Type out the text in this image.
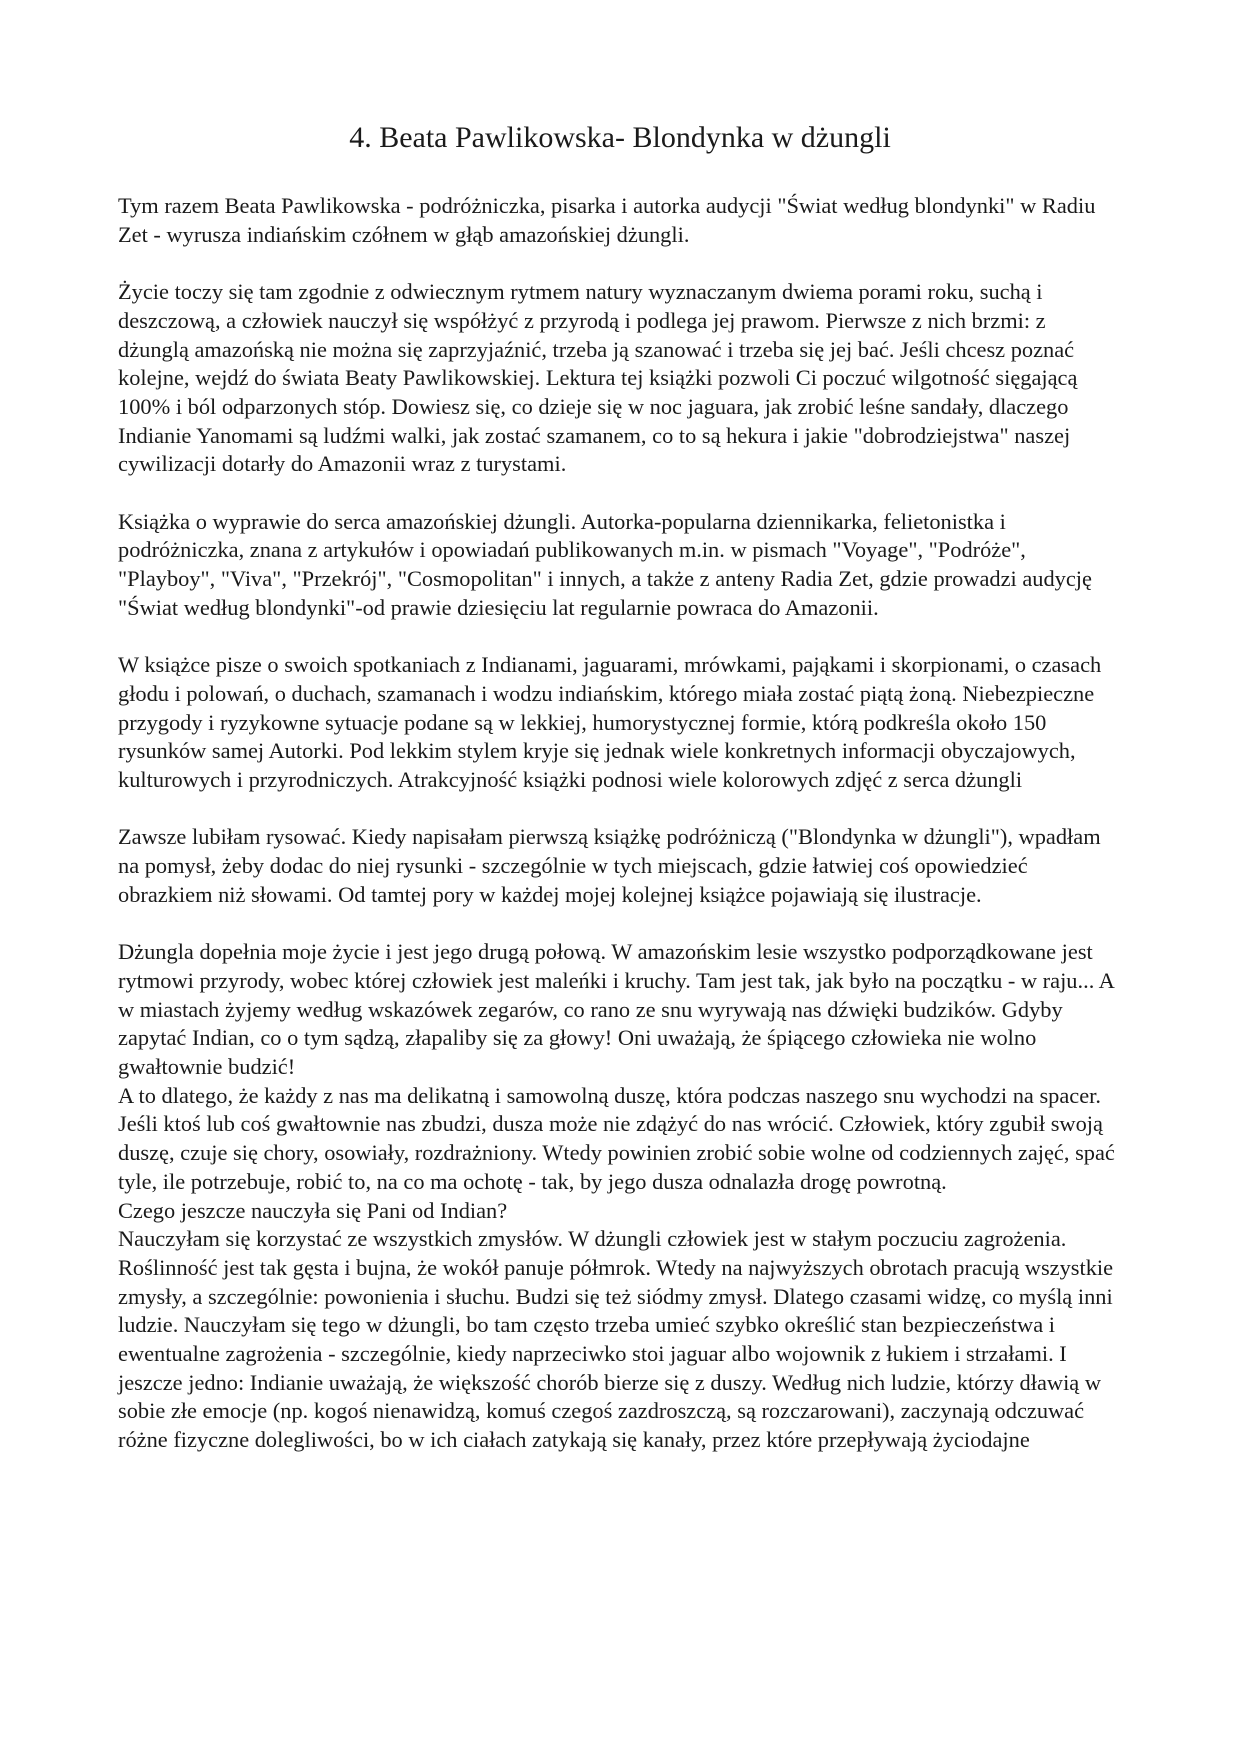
4. Beata Pawlikowska- Blondynka w dżungli

Tym razem Beata Pawlikowska - podróżniczka, pisarka i autorka audycji "Świat według blondynki" w Radiu Zet - wyrusza indiańskim czółnem w głąb amazońskiej dżungli.

Życie toczy się tam zgodnie z odwiecznym rytmem natury wyznaczanym dwiema porami roku, suchą i deszczową, a człowiek nauczył się współżyć z przyrodą i podlega jej prawom. Pierwsze z nich brzmi: z dżunglą amazońską nie można się zaprzyjaźnić, trzeba ją szanować i trzeba się jej bać. Jeśli chcesz poznać kolejne, wejdź do świata Beaty Pawlikowskiej. Lektura tej książki pozwoli Ci poczuć wilgotność sięgającą 100% i ból odparzonych stóp. Dowiesz się, co dzieje się w noc jaguara, jak zrobić leśne sandały, dlaczego Indianie Yanomami są ludźmi walki, jak zostać szamanem, co to są hekura i jakie "dobrodziejstwa" naszej cywilizacji dotarły do Amazonii wraz z turystami.

Książka o wyprawie do serca amazońskiej dżungli. Autorka-popularna dziennikarka, felietonistka i podróżniczka, znana z artykułów i opowiadań publikowanych m.in. w pismach "Voyage", "Podróże", "Playboy", "Viva", "Przekrój", "Cosmopolitan" i innych, a także z anteny Radia Zet, gdzie prowadzi audycję "Świat według blondynki"-od prawie dziesięciu lat regularnie powraca do Amazonii.

W książce pisze o swoich spotkaniach z Indianami, jaguarami, mrówkami, pająkami i skorpionami, o czasach głodu i polowań, o duchach, szamanach i wodzu indiańskim, którego miała zostać piątą żoną. Niebezpieczne przygody i ryzykowne sytuacje podane są w lekkiej, humorystycznej formie, którą podkreśla około 150 rysunków samej Autorki. Pod lekkim stylem kryje się jednak wiele konkretnych informacji obyczajowych, kulturowych i przyrodniczych. Atrakcyjność książki podnosi wiele kolorowych zdjęć z serca dżungli

Zawsze lubiłam rysować. Kiedy napisałam pierwszą książkę podróżniczą ("Blondynka w dżungli"), wpadłam na pomysł, żeby dodac do niej rysunki - szczególnie w tych miejscach, gdzie łatwiej coś opowiedzieć obrazkiem niż słowami. Od tamtej pory w każdej mojej kolejnej książce pojawiają się ilustracje.

Dżungla dopełnia moje życie i jest jego drugą połową. W amazońskim lesie wszystko podporządkowane jest rytmowi przyrody, wobec której człowiek jest maleńki i kruchy. Tam jest tak, jak było na początku - w raju... A w miastach żyjemy według wskazówek zegarów, co rano ze snu wyrywają nas dźwięki budzików. Gdyby zapytać Indian, co o tym sądzą, złapaliby się za głowy! Oni uważają, że śpiącego człowieka nie wolno gwałtownie budzić!

A to dlatego, że każdy z nas ma delikatną i samowolną duszę, która podczas naszego snu wychodzi na spacer. Jeśli ktoś lub coś gwałtownie nas zbudzi, dusza może nie zdążyć do nas wrócić. Człowiek, który zgubił swoją duszę, czuje się chory, osowiały, rozdrażniony. Wtedy powinien zrobić sobie wolne od codziennych zajęć, spać tyle, ile potrzebuje, robić to, na co ma ochotę - tak, by jego dusza odnalazła drogę powrotną.

Czego jeszcze nauczyła się Pani od Indian?

Nauczyłam się korzystać ze wszystkich zmysłów. W dżungli człowiek jest w stałym poczuciu zagrożenia. Roślinność jest tak gęsta i bujna, że wokół panuje półmrok. Wtedy na najwyższych obrotach pracują wszystkie zmysły, a szczególnie: powonienia i słuchu. Budzi się też siódmy zmysł. Dlatego czasami widzę, co myślą inni ludzie. Nauczyłam się tego w dżungli, bo tam często trzeba umieć szybko określić stan bezpieczeństwa i ewentualne zagrożenia - szczególnie, kiedy naprzeciwko stoi jaguar albo wojownik z łukiem i strzałami. I jeszcze jedno: Indianie uważają, że większość chorób bierze się z duszy. Według nich ludzie, którzy dławią w sobie złe emocje (np. kogoś nienawidzą, komuś czegoś zazdroszczą, są rozczarowani), zaczynają odczuwać różne fizyczne dolegliwości, bo w ich ciałach zatykają się kanały, przez które przepływają życiodajne
